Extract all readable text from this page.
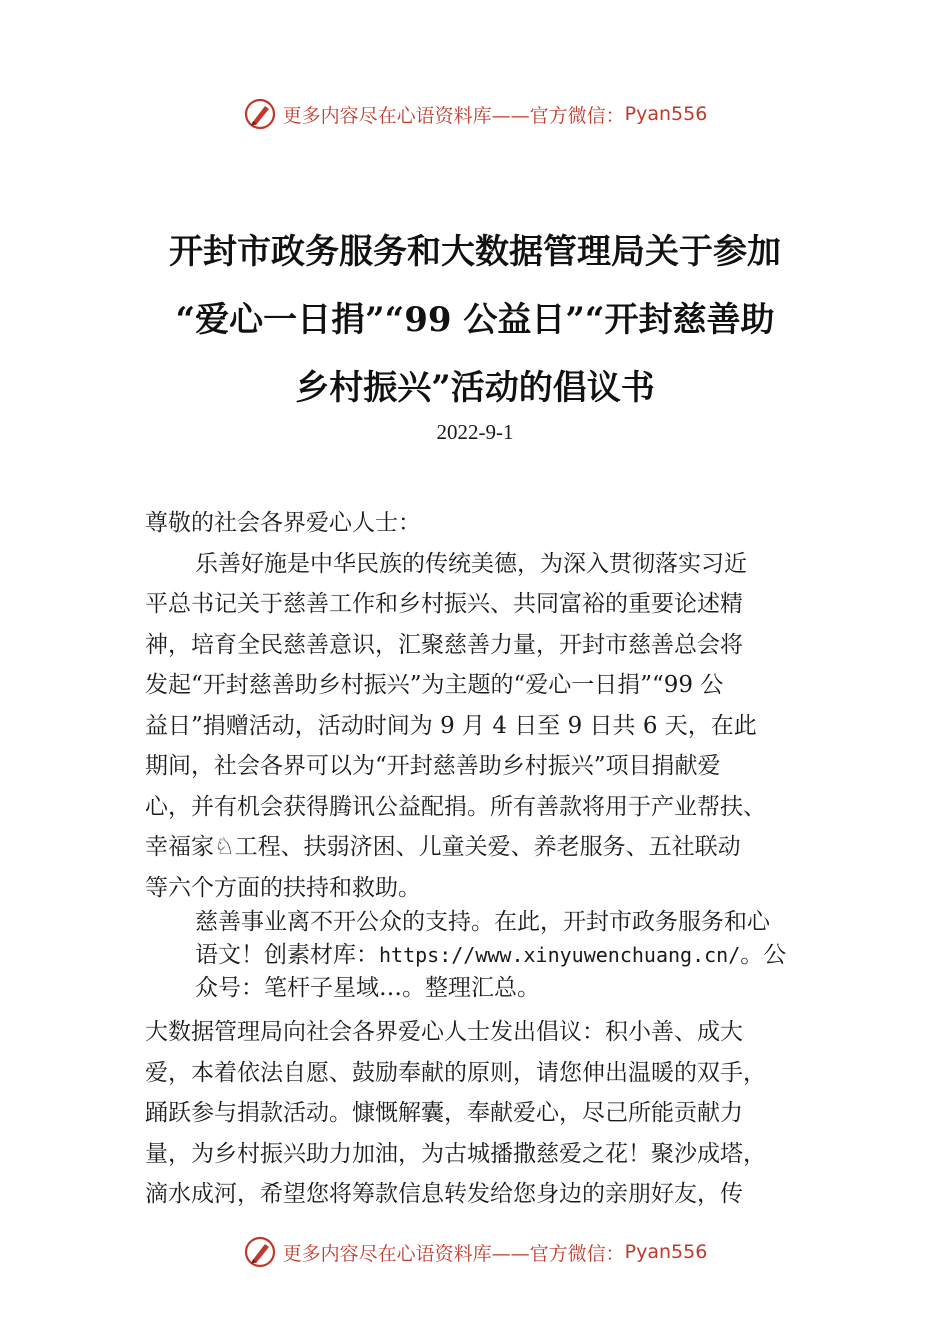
更多内容尽在心语资料库——官方微信： Pyan556
开封市政务服务和大数据管理局关于参加
“爱心一日捐”“99 公益日”“开封慈善助
乡村振兴”活动的倡议书
2022-9-1
尊敬的社会各界爱心人士：
乐善好施是中华民族的传统美德，为深入贯彻落实习近
平总书记关于慈善工作和乡村振兴、共同富裕的重要论述精
神，培育全民慈善意识，汇聚慈善力量，开封市慈善总会将
发起“开封慈善助乡村振兴”为主题的“爱心一日捐”“99 公
益日”捐赠活动，活动时间为 9 月 4 日至 9 日共 6 天，在此
期间，社会各界可以为“开封慈善助乡村振兴”项目捐献爱
心，并有机会获得腾讯公益配捐。所有善款将用于产业帮扶、
幸福家♘工程、扶弱济困、儿童关爱、养老服务、五社联动
等六个方面的扶持和救助。
慈善事业离不开公众的支持。在此，开封市政务服务和心
语文！创素材库：https://www.xinyuwenchuang.cn/。公
众号：笔杆子星域…。整理汇总。
大数据管理局向社会各界爱心人士发出倡议：积小善、成大
爱，本着依法自愿、鼓励奉献的原则，请您伸出温暖的双手，
踊跃参与捐款活动。慷慨解囊，奉献爱心，尽己所能贡献力
量，为乡村振兴助力加油，为古城播撒慈爱之花！聚沙成塔，
滴水成河，希望您将筹款信息转发给您身边的亲朋好友，传
更多内容尽在心语资料库——官方微信： Pyan556
